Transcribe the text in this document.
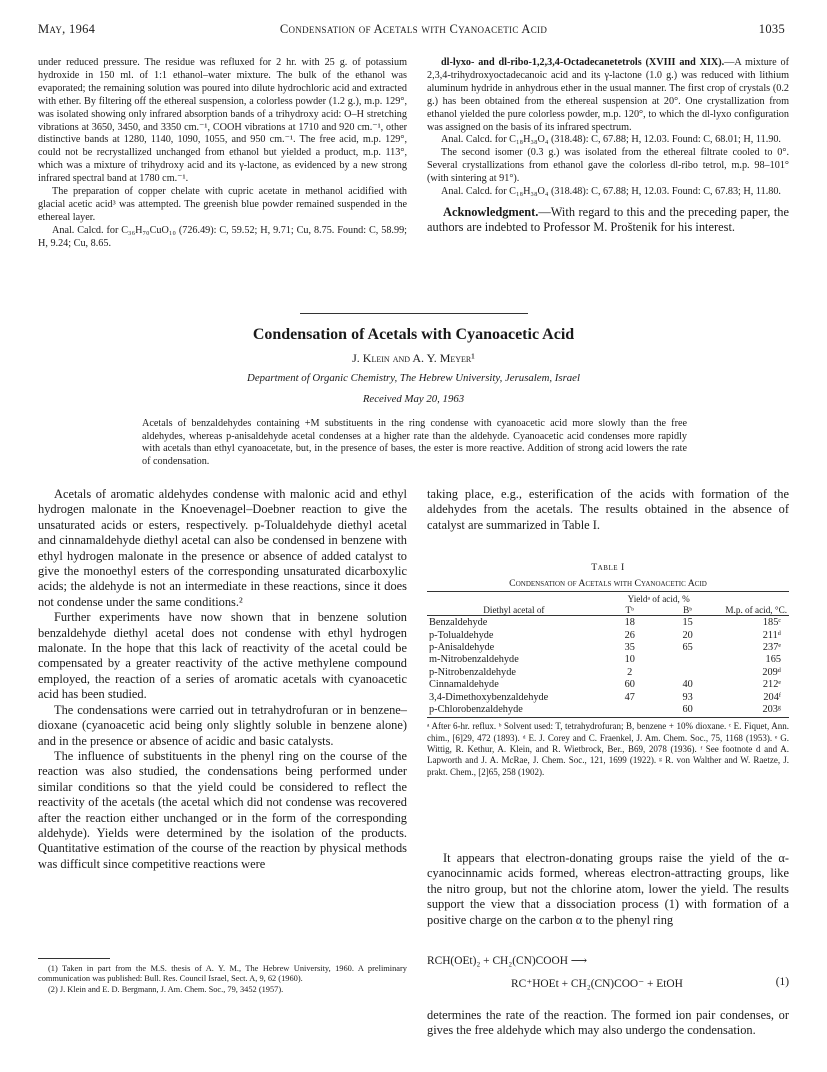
May, 1964	Condensation of Acetals with Cyanoacetic Acid	1035

under reduced pressure. The residue was refluxed for 2 hr. with 25 g. of potassium hydroxide in 150 ml. of 1:1 ethanol–water mixture. The bulk of the ethanol was evaporated; the remaining solution was poured into dilute hydrochloric acid and extracted with ether. By filtering off the ethereal suspension, a colorless powder (1.2 g.), m.p. 129°, was isolated showing only infrared absorption bands of a trihydroxy acid: O–H stretching vibrations at 3650, 3450, and 3350 cm.⁻¹, COOH vibrations at 1710 and 920 cm.⁻¹, other distinctive bands at 1280, 1140, 1090, 1055, and 950 cm.⁻¹. The free acid, m.p. 129°, could not be recrystallized unchanged from ethanol but yielded a product, m.p. 113°, which was a mixture of trihydroxy acid and its γ-lactone, as evidenced by a new strong infrared spectral band at 1780 cm.⁻¹.

The preparation of copper chelate with cupric acetate in methanol acidified with glacial acetic acid³ was attempted. The greenish blue powder remained suspended in the ethereal layer.

Anal. Calcd. for C₃₆H₇₀CuO₁₀ (726.49): C, 59.52; H, 9.71; Cu, 8.75. Found: C, 58.99; H, 9.24; Cu, 8.65.

dl-lyxo- and dl-ribo-1,2,3,4-Octadecanetetrols (XVIII and XIX).—A mixture of 2,3,4-trihydroxyoctadecanoic acid and its γ-lactone (1.0 g.) was reduced with lithium aluminum hydride in anhydrous ether in the usual manner. The first crop of crystals (0.2 g.) has been obtained from the ethereal suspension at 20°. One crystallization from ethanol yielded the pure colorless powder, m.p. 120°, to which the dl-lyxo configuration was assigned on the basis of its infrared spectrum.

Anal. Calcd. for C₁₈H₃₈O₄ (318.48): C, 67.88; H, 12.03. Found: C, 68.01; H, 11.90.

The second isomer (0.3 g.) was isolated from the ethereal filtrate cooled to 0°. Several crystallizations from ethanol gave the colorless dl-ribo tetrol, m.p. 98–101° (with sintering at 91°).

Anal. Calcd. for C₁₈H₃₈O₄ (318.48): C, 67.88; H, 12.03. Found: C, 67.83; H, 11.80.

Acknowledgment.—With regard to this and the preceding paper, the authors are indebted to Professor M. Proštenik for his interest.

Condensation of Acetals with Cyanoacetic Acid
J. Klein and A. Y. Meyer¹
Department of Organic Chemistry, The Hebrew University, Jerusalem, Israel
Received May 20, 1963
Acetals of benzaldehydes containing +M substituents in the ring condense with cyanoacetic acid more slowly than the free aldehydes, whereas p-anisaldehyde acetal condenses at a higher rate than the aldehyde. Cyanoacetic acid condenses more rapidly with acetals than ethyl cyanoacetate, but, in the presence of bases, the ester is more reactive. Addition of strong acid lowers the rate of condensation.

Acetals of aromatic aldehydes condense with malonic acid and ethyl hydrogen malonate in the Knoevenagel–Doebner reaction to give the unsaturated acids or esters, respectively. p-Tolualdehyde diethyl acetal and cinnamaldehyde diethyl acetal can also be condensed in benzene with ethyl hydrogen malonate in the presence or absence of added catalyst to give the monoethyl esters of the corresponding unsaturated dicarboxylic acids; the aldehyde is not an intermediate in these reactions, since it does not condense under the same conditions.²

Further experiments have now shown that in benzene solution benzaldehyde diethyl acetal does not condense with ethyl hydrogen malonate. In the hope that this lack of reactivity of the acetal could be compensated by a greater reactivity of the active methylene compound employed, the reaction of a series of aromatic acetals with cyanoacetic acid has been studied.

The condensations were carried out in tetrahydrofuran or in benzene–dioxane (cyanoacetic acid being only slightly soluble in benzene alone) and in the presence or absence of acidic and basic catalysts.

The influence of substituents in the phenyl ring on the course of the reaction was also studied, the condensations being performed under similar conditions so that the yield could be considered to reflect the reactivity of the acetals (the acetal which did not condense was recovered after the reaction either unchanged or in the form of the corresponding aldehyde). Yields were determined by the isolation of the products. Quantitative estimation of the course of the reaction by physical methods was difficult since competitive reactions were

(1) Taken in part from the M.S. thesis of A. Y. M., The Hebrew University, 1960. A preliminary communication was published: Bull. Res. Council Israel, Sect. A, 9, 62 (1960).

(2) J. Klein and E. D. Bergmann, J. Am. Chem. Soc., 79, 3452 (1957).

taking place, e.g., esterification of the acids with formation of the aldehydes from the acetals. The results obtained in the absence of catalyst are summarized in Table I.

Table I
Condensation of Acetals with Cyanoacetic Acid
	Yieldᵃ of acid, %		
Diethyl acetal of	Tᵇ	Bᵇ	M.p. of acid, °C.
Benzaldehyde	18	15	185ᶜ
p-Tolualdehyde	26	20	211ᵈ
p-Anisaldehyde	35	65	237ᵉ
m-Nitrobenzaldehyde	10		165
p-Nitrobenzaldehyde	2		209ᵈ
Cinnamaldehyde	60	40	212ᵉ
3,4-Dimethoxybenzaldehyde	47	93	204ᶠ
p-Chlorobenzaldehyde		60	203ᵍ
ᵃ After 6-hr. reflux. ᵇ Solvent used: T, tetrahydrofuran; B, benzene + 10% dioxane. ᶜ E. Fiquet, Ann. chim., [6]29, 472 (1893). ᵈ E. J. Corey and C. Fraenkel, J. Am. Chem. Soc., 75, 1168 (1953). ᵉ G. Wittig, R. Kethur, A. Klein, and R. Wietbrock, Ber., B69, 2078 (1936). ᶠ See footnote d and A. Lapworth and J. A. McRae, J. Chem. Soc., 121, 1699 (1922). ᵍ R. von Walther and W. Raetze, J. prakt. Chem., [2]65, 258 (1902).

It appears that electron-donating groups raise the yield of the α-cyanocinnamic acids formed, whereas electron-attracting groups, like the nitro group, but not the chlorine atom, lower the yield. The results support the view that a dissociation process (1) with formation of a positive charge on the carbon α to the phenyl ring

RCH(OEt)₂ + CH₂(CN)COOH ⟶
RC⁺HOEt + CH₂(CN)COO⁻ + EtOH	(1)

determines the rate of the reaction. The formed ion pair condenses, or gives the free aldehyde which may also undergo the condensation.
